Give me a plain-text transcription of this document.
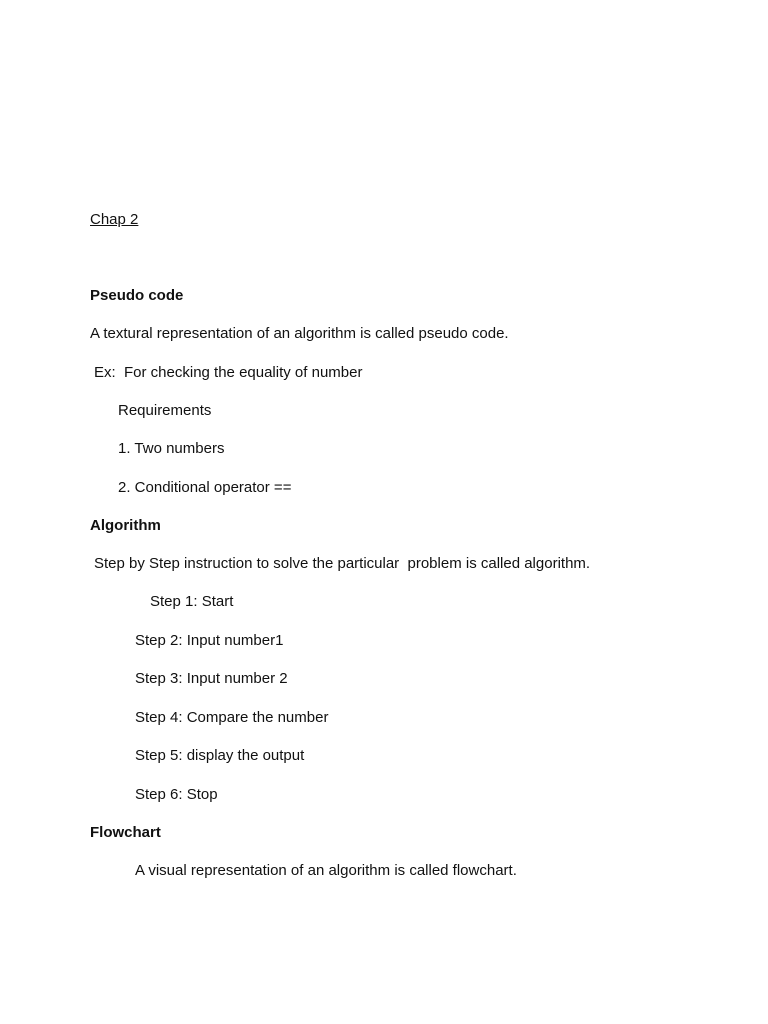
Chap 2
Pseudo code
A textural representation of an algorithm is called pseudo code.
Ex:  For checking the equality of number
Requirements
1. Two numbers
2. Conditional operator ==
Algorithm
Step by Step instruction to solve the particular  problem is called algorithm.
Step 1: Start
Step 2: Input number1
Step 3: Input number 2
Step 4: Compare the number
Step 5: display the output
Step 6: Stop
Flowchart
A visual representation of an algorithm is called flowchart.
